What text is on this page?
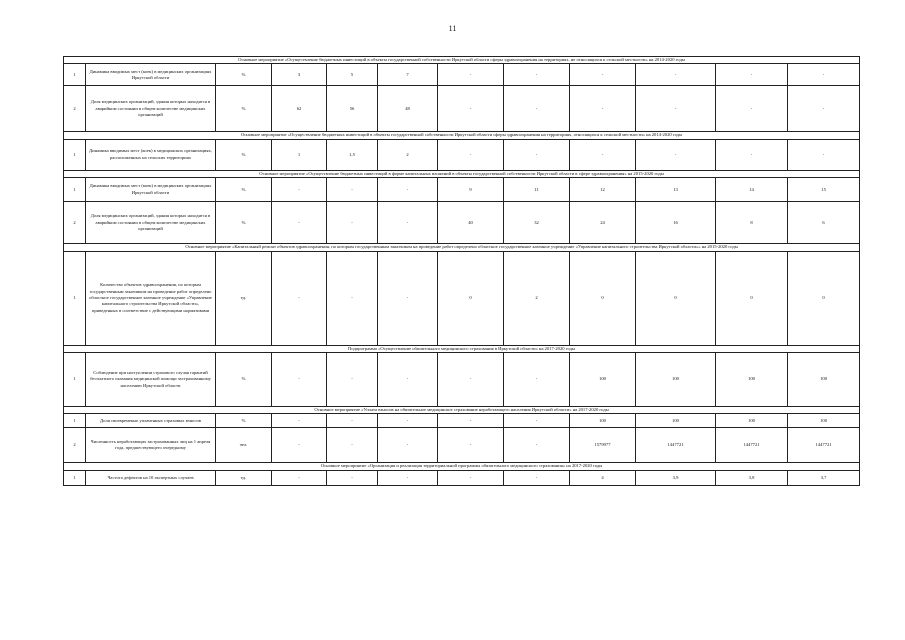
11
Основное мероприятие «Осуществление бюджетных инвестиций в объекты государственной собственности Иркутской области сферы здравоохранения на территориях, не относящихся к сельской местности» на 2014-2020 годы											
1	Динамика вводимых мест (коек) в медицинских организациях Иркутской области	%	3	5	7	-	-	-	-	-	-
2	Доля медицинских организаций, здания которых находятся в аварийном состоянии в общем количестве медицинских организаций	%	62	56	48	-	-	-	-	-	-
Основное мероприятие «Осуществление бюджетных инвестиций в объекты государственной собственности Иркутской области сферы здравоохранения на территориях, относящихся к сельской местности» на 2014-2020 годы											
1	Динамика вводимых мест (коек) в медицинских организациях, расположенных на сельских территориях	%	1	1,5	2	-	-	-	-	-	-
Основное мероприятие «Осуществление бюджетных инвестиций в форме капитальных вложений в объекты государственной собственности Иркутской области в сфере здравоохранения» на 2015-2020 годы											
1	Динамика вводимых мест (коек) в медицинских организациях Иркутской области	%	-	-	-	9	11	12	13	14	15
2	Доля медицинских организаций, здания которых находятся в аварийном состоянии в общем количестве медицинских организаций	%	-	-	-	40	32	24	16	8	6
Основное мероприятие «Капитальный ремонт объектов здравоохранения, по которым государственным заказчиком на проведение работ определено областное государственное казенное учреждение «Управление капитального строительства Иркутской области»» на 2015-2020 годы											
1	Количество объектов здравоохранения, по которым государственным заказчиком на проведение работ определено областное государственное казенное учреждение «Управление капитального строительства Иркутской области», приведенных в соответствие с действующими нормативами	ед.	-	-	-	0	2	0	0	0	0
Подпрограмма «Осуществление обязательного медицинского страхования в Иркутской области» на 2017-2020 годы											
1	Соблюдение при наступлении страхового случая гарантий бесплатного оказания медицинской помощи застрахованному населению Иркутской области	%	-	-	-	-	-	100	100	100	100
Основное мероприятие «Уплата взносов на обязательное медицинское страхование неработающего населения Иркутской области» на 2017-2020 годы											
1	Доля своевременно уплаченных страховых взносов	%	-	-	-	-	-	100	100	100	100
2	Численность неработающих застрахованных лиц на 1 апреля года, предшествующего очередному	чел.	-	-	-	-	-	1579977	1447721	1447721	1447721
Основное мероприятие «Организация и реализация территориальной программы обязательного медицинского страхования» на 2017-2020 годы											
1	Частота дефектов на 10 экспертных случаев	ед.	-	-	-	-	-	4	3,9	3,8	3,7
